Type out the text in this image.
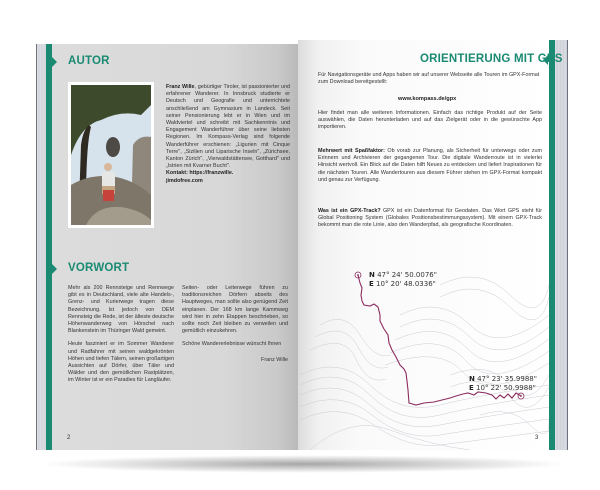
AUTOR
Franz Wille, gebürtiger Tiroler, ist passionierter und erfahrener Wanderer. In Innsbruck studierte er Deutsch und Geografie und unterrichtete anschließend am Gymnasium in Landeck. Seit seiner Pensionierung lebt er in Wien und im Waldviertel und schreibt mit Sachkenntnis und Engagement Wanderführer über seine liebsten Regionen. Im Kompass-Verlag sind folgende Wanderführer erschienen: „Ligurien mit Cinque Terre", „Sizilien und Liparische Inseln", „Zürichsee, Kanton Zürich", „Vierwaldstättersee, Gotthard" und „Istrien mit Kvarner Bucht".
Kontakt: https://franzwille.
jimdofree.com
VORWORT

Mehr als 200 Rennsteige und Rennwege gibt es in Deutschland, viele alte Handels-, Grenz- und Kurierwege tragen diese Bezeichnung. Ist jedoch von DEM Rennsteig die Rede, ist der älteste deutsche Höhenwanderweg von Hörschel nach Blankenstein im Thüringer Wald gemeint.

Heute fasziniert er im Sommer Wanderer und Radfahrer mit seinen waldgekrönten Höhen und tiefen Tälern, seinen großartigen Aussichten auf Dörfer, über Täler und Wälder und den gemütlichen Rastplätzen, im Winter ist er ein Paradies für Langläufer.

Seiten- oder Leiterwege führen zu traditionsreichen Dörfern abseits des Hauptweges, man sollte also genügend Zeit einplanen. Der 168 km lange Kammweg wird hier in zehn Etappen beschrieben, so sollte noch Zeit bleiben zu verweilen und gemütlich einzukehren.

Schöne Wandererlebnisse wünscht Ihnen

Franz Wille
2
ORIENTIERUNG MIT GPS
Für Navigationsgeräte und Apps haben wir auf unserer Webseite alle Touren im GPX-Format zum Download bereitgestellt:
www.kompass.de/gpx
Hier findet man alle weiteren Informationen. Einfach das richtige Produkt auf der Seite auswählen, die Daten herunterladen und auf das Zielgerät oder in die gewünschte App importieren.
Mehrwert mit Spaßfaktor: Ob vorab zur Planung, als Sicherheit für unterwegs oder zum Erinnern und Archivieren der gegangenen Tour. Die digitale Wanderroute ist in vielerlei Hinsicht wertvoll. Ein Blick auf die Daten hilft Neues zu entdecken und liefert Inspirationen für die nächsten Touren. Alle Wandertouren aus diesem Führer stehen im GPX-Format kompakt und genau zur Verfügung.
Was ist ein GPX-Track? GPX ist ein Datenformat für Geodaten. Das Wort GPS steht für Global Positioning System (Globales Positionsbestimmungssystem). Mit einem GPX-Track bekommt man die rote Linie, also den Wanderpfad, als geografische Koordinaten.
N 47° 24' 50.0076"
E 10° 20' 48.0336"
N 47° 23' 35.9988"
E 10° 22' 50.9988"
3
